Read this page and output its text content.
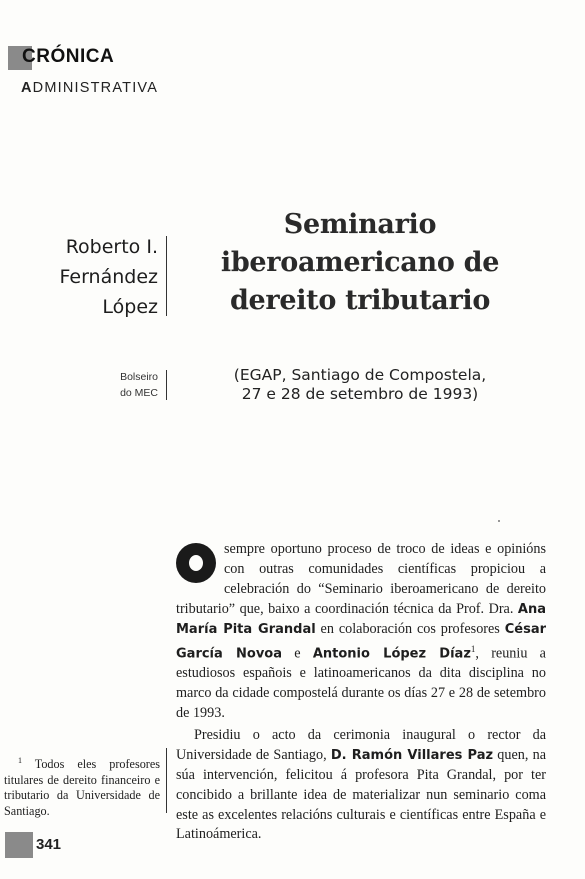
CRÓNICA
ADMINISTRATIVA
Roberto I.
Fernández
López
Bolseiro
do MEC
Seminario
iberoamericano de
dereito tributario
(EGAP, Santiago de Compostela,
27 e 28 de setembro de 1993)

sempre oportuno proceso de troco de ideas e opinións con outras comunidades científicas propiciou a celebración do “Seminario iberoamericano de dereito tributario” que, baixo a coordinación técnica da Prof. Dra. Ana María Pita Grandal en colaboración cos profesores César García Novoa e Antonio López Díaz$^1$, reuniu a estudiosos españois e latinoamericanos da dita disciplina no marco da cidade compostelá durante os días 27 e 28 de setembro de 1993.

Presidiu o acto da cerimonia inaugural o rector da Universidade de Santiago, D. Ramón Villares Paz quen, na súa intervención, felicitou á profesora Pita Grandal, por ter concibido a brillante idea de materializar nun seminario coma este as excelentes relacións culturais e científicas entre España e Latinoámerica.

$^1$ Todos eles profesores titulares de dereito financeiro e tributario da Universidade de Santiago.

341
